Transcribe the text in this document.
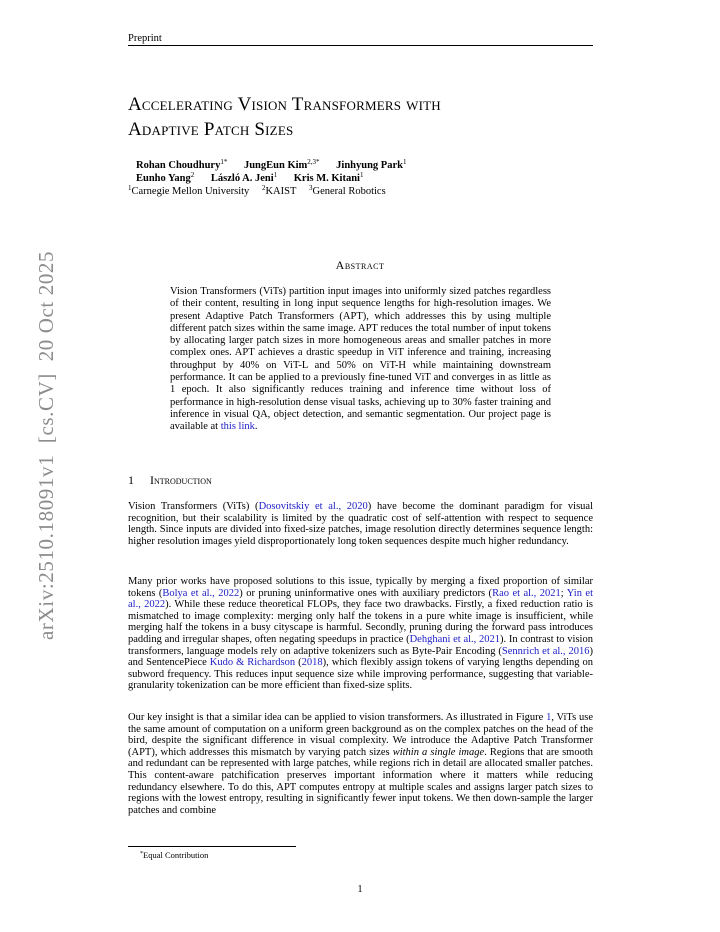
Preprint
Accelerating Vision Transformers with
Adaptive Patch Sizes
Rohan Choudhury$^{1*}$ JungEun Kim$^{2,3*}$ Jinhyung Park$^1$
Eunho Yang$^2$ László A. Jeni$^1$ Kris M. Kitani$^1$
$^1$Carnegie Mellon University $^2$KAIST $^3$General Robotics
arXiv:2510.18091v1  [cs.CV]  20 Oct 2025	Abstract

Vision Transformers (ViTs) partition input images into uniformly sized patches regardless of their content, resulting in long input sequence lengths for high-resolution images. We present Adaptive Patch Transformers (APT), which addresses this by using multiple different patch sizes within the same image. APT reduces the total number of input tokens by allocating larger patch sizes in more homogeneous areas and smaller patches in more complex ones. APT achieves a drastic speedup in ViT inference and training, increasing throughput by 40% on ViT-L and 50% on ViT-H while maintaining downstream performance. It can be applied to a previously fine-tuned ViT and converges in as little as 1 epoch. It also significantly reduces training and inference time without loss of performance in high-resolution dense visual tasks, achieving up to 30% faster training and inference in visual QA, object detection, and semantic segmentation. Our project page is available at this link.

1 Introduction

Vision Transformers (ViTs) (Dosovitskiy et al., 2020) have become the dominant paradigm for visual recognition, but their scalability is limited by the quadratic cost of self-attention with respect to sequence length. Since inputs are divided into fixed-size patches, image resolution directly determines sequence length: higher resolution images yield disproportionately long token sequences despite much higher redundancy.

Many prior works have proposed solutions to this issue, typically by merging a fixed proportion of similar tokens (Bolya et al., 2022) or pruning uninformative ones with auxiliary predictors (Rao et al., 2021; Yin et al., 2022). While these reduce theoretical FLOPs, they face two drawbacks. Firstly, a fixed reduction ratio is mismatched to image complexity: merging only half the tokens in a pure white image is insufficient, while merging half the tokens in a busy cityscape is harmful. Secondly, pruning during the forward pass introduces padding and irregular shapes, often negating speedups in practice (Dehghani et al., 2021). In contrast to vision transformers, language models rely on adaptive tokenizers such as Byte-Pair Encoding (Sennrich et al., 2016) and SentencePiece Kudo & Richardson (2018), which flexibly assign tokens of varying lengths depending on subword frequency. This reduces input sequence size while improving performance, suggesting that variable-granularity tokenization can be more efficient than fixed-size splits.

Our key insight is that a similar idea can be applied to vision transformers. As illustrated in Figure 1, ViTs use the same amount of computation on a uniform green background as on the complex patches on the head of the bird, despite the significant difference in visual complexity. We introduce the Adaptive Patch Transformer (APT), which addresses this mismatch by varying patch sizes within a single image. Regions that are smooth and redundant can be represented with large patches, while regions rich in detail are allocated smaller patches. This content-aware patchification preserves important information where it matters while reducing redundancy elsewhere. To do this, APT computes entropy at multiple scales and assigns larger patch sizes to regions with the lowest entropy, resulting in significantly fewer input tokens. We then down-sample the larger patches and combine

*Equal Contribution
1
